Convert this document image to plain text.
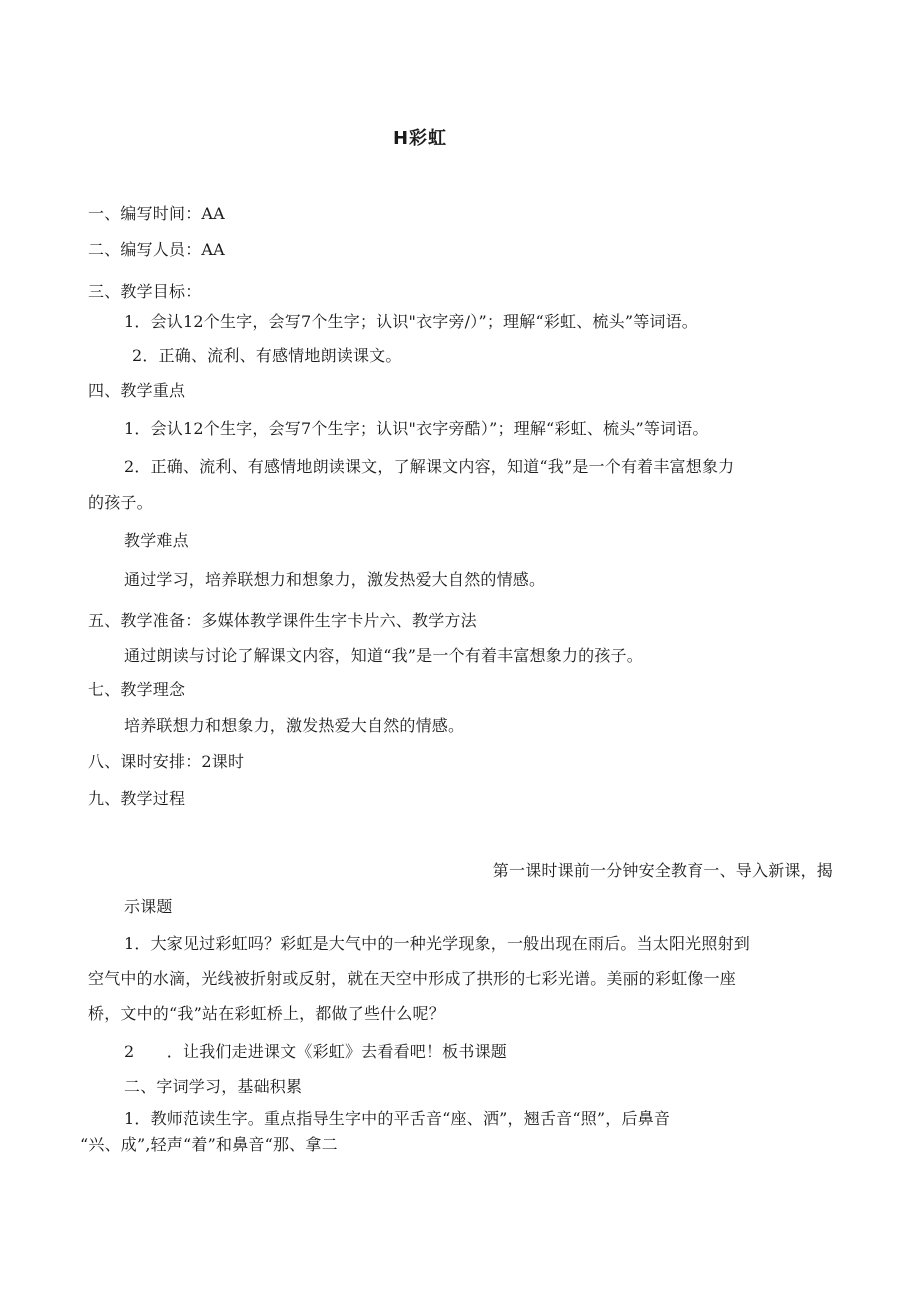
H彩虹
一、编写时间：AA
二、编写人员：AA
三、教学目标：
1．会认12个生字，会写7个生字；认识"衣字旁/）”；理解“彩虹、梳头”等词语。
2．正确、流利、有感情地朗读课文。
四、教学重点
1．会认12个生字，会写7个生字；认识"衣字旁酷）”；理解“彩虹、梳头”等词语。
2．正确、流利、有感情地朗读课文，了解课文内容，知道“我”是一个有着丰富想象力
的孩子。
教学难点
通过学习，培养联想力和想象力，激发热爱大自然的情感。
五、教学准备：多媒体教学课件生字卡片六、教学方法
通过朗读与讨论了解课文内容，知道“我”是一个有着丰富想象力的孩子。
七、教学理念
培养联想力和想象力，激发热爱大自然的情感。
八、课时安排：2课时
九、教学过程
第一课时课前一分钟安全教育一、导入新课，揭
示课题
1．大家见过彩虹吗？彩虹是大气中的一种光学现象，一般出现在雨后。当太阳光照射到
空气中的水滴，光线被折射或反射，就在天空中形成了拱形的七彩光谱。美丽的彩虹像一座
桥，文中的“我”站在彩虹桥上，都做了些什么呢？
2　　．让我们走进课文《彩虹》去看看吧！板书课题
二、字词学习，基础积累
1．教师范读生字。重点指导生字中的平舌音“座、洒”，翘舌音“照”，后鼻音
“兴、成”,轻声“着”和鼻音“那、拿二
